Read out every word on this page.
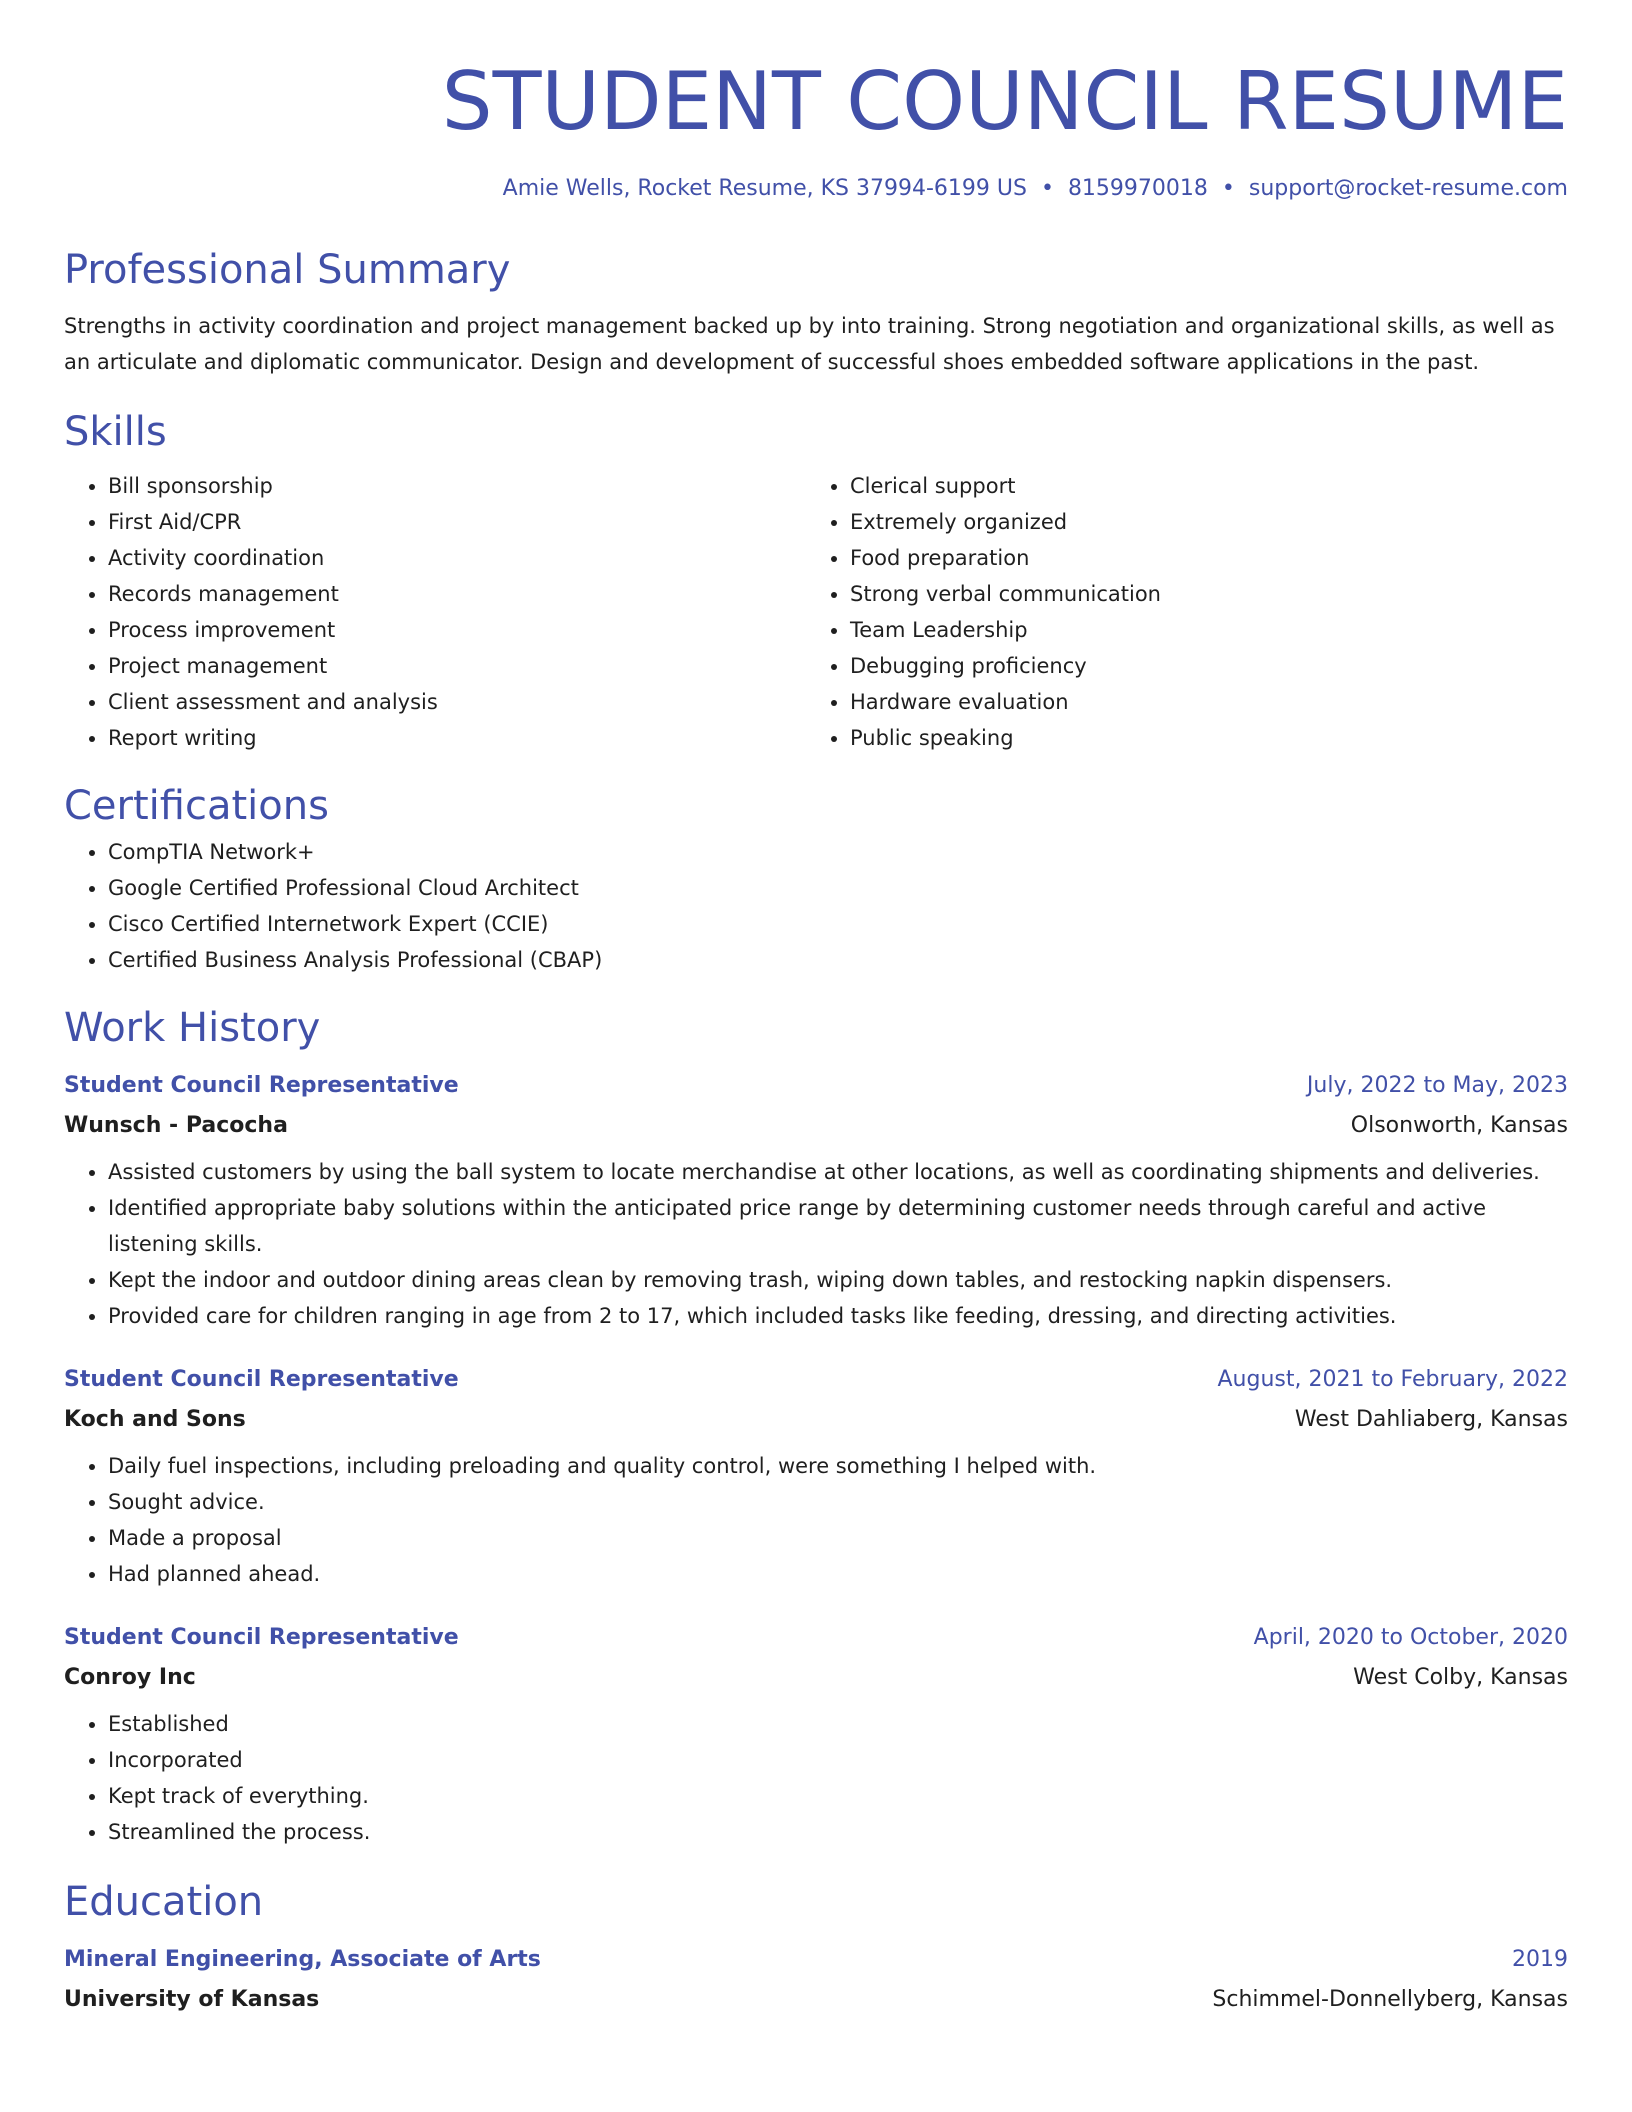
STUDENT COUNCIL RESUME
Amie Wells, Rocket Resume, KS 37994-6199 US • 8159970018 • support@rocket-resume.com
Professional Summary
Strengths in activity coordination and project management backed up by into training. Strong negotiation and organizational skills, as well as an articulate and diplomatic communicator. Design and development of successful shoes embedded software applications in the past.
Skills
• Bill sponsorship
• First Aid/CPR
• Activity coordination
• Records management
• Process improvement
• Project management
• Client assessment and analysis
• Report writing
• Clerical support
• Extremely organized
• Food preparation
• Strong verbal communication
• Team Leadership
• Debugging proficiency
• Hardware evaluation
• Public speaking
Certifications
• CompTIA Network+
• Google Certified Professional Cloud Architect
• Cisco Certified Internetwork Expert (CCIE)
• Certified Business Analysis Professional (CBAP)
Work History
Student Council Representative	July, 2022 to May, 2023
Wunsch - Pacocha	Olsonworth, Kansas
• Assisted customers by using the ball system to locate merchandise at other locations, as well as coordinating shipments and deliveries.
• Identified appropriate baby solutions within the anticipated price range by determining customer needs through careful and active listening skills.
• Kept the indoor and outdoor dining areas clean by removing trash, wiping down tables, and restocking napkin dispensers.
• Provided care for children ranging in age from 2 to 17, which included tasks like feeding, dressing, and directing activities.
Student Council Representative	August, 2021 to February, 2022
Koch and Sons	West Dahliaberg, Kansas
• Daily fuel inspections, including preloading and quality control, were something I helped with.
• Sought advice.
• Made a proposal
• Had planned ahead.
Student Council Representative	April, 2020 to October, 2020
Conroy Inc	West Colby, Kansas
• Established
• Incorporated
• Kept track of everything.
• Streamlined the process.
Education
Mineral Engineering, Associate of Arts	2019
University of Kansas	Schimmel-Donnellyberg, Kansas
